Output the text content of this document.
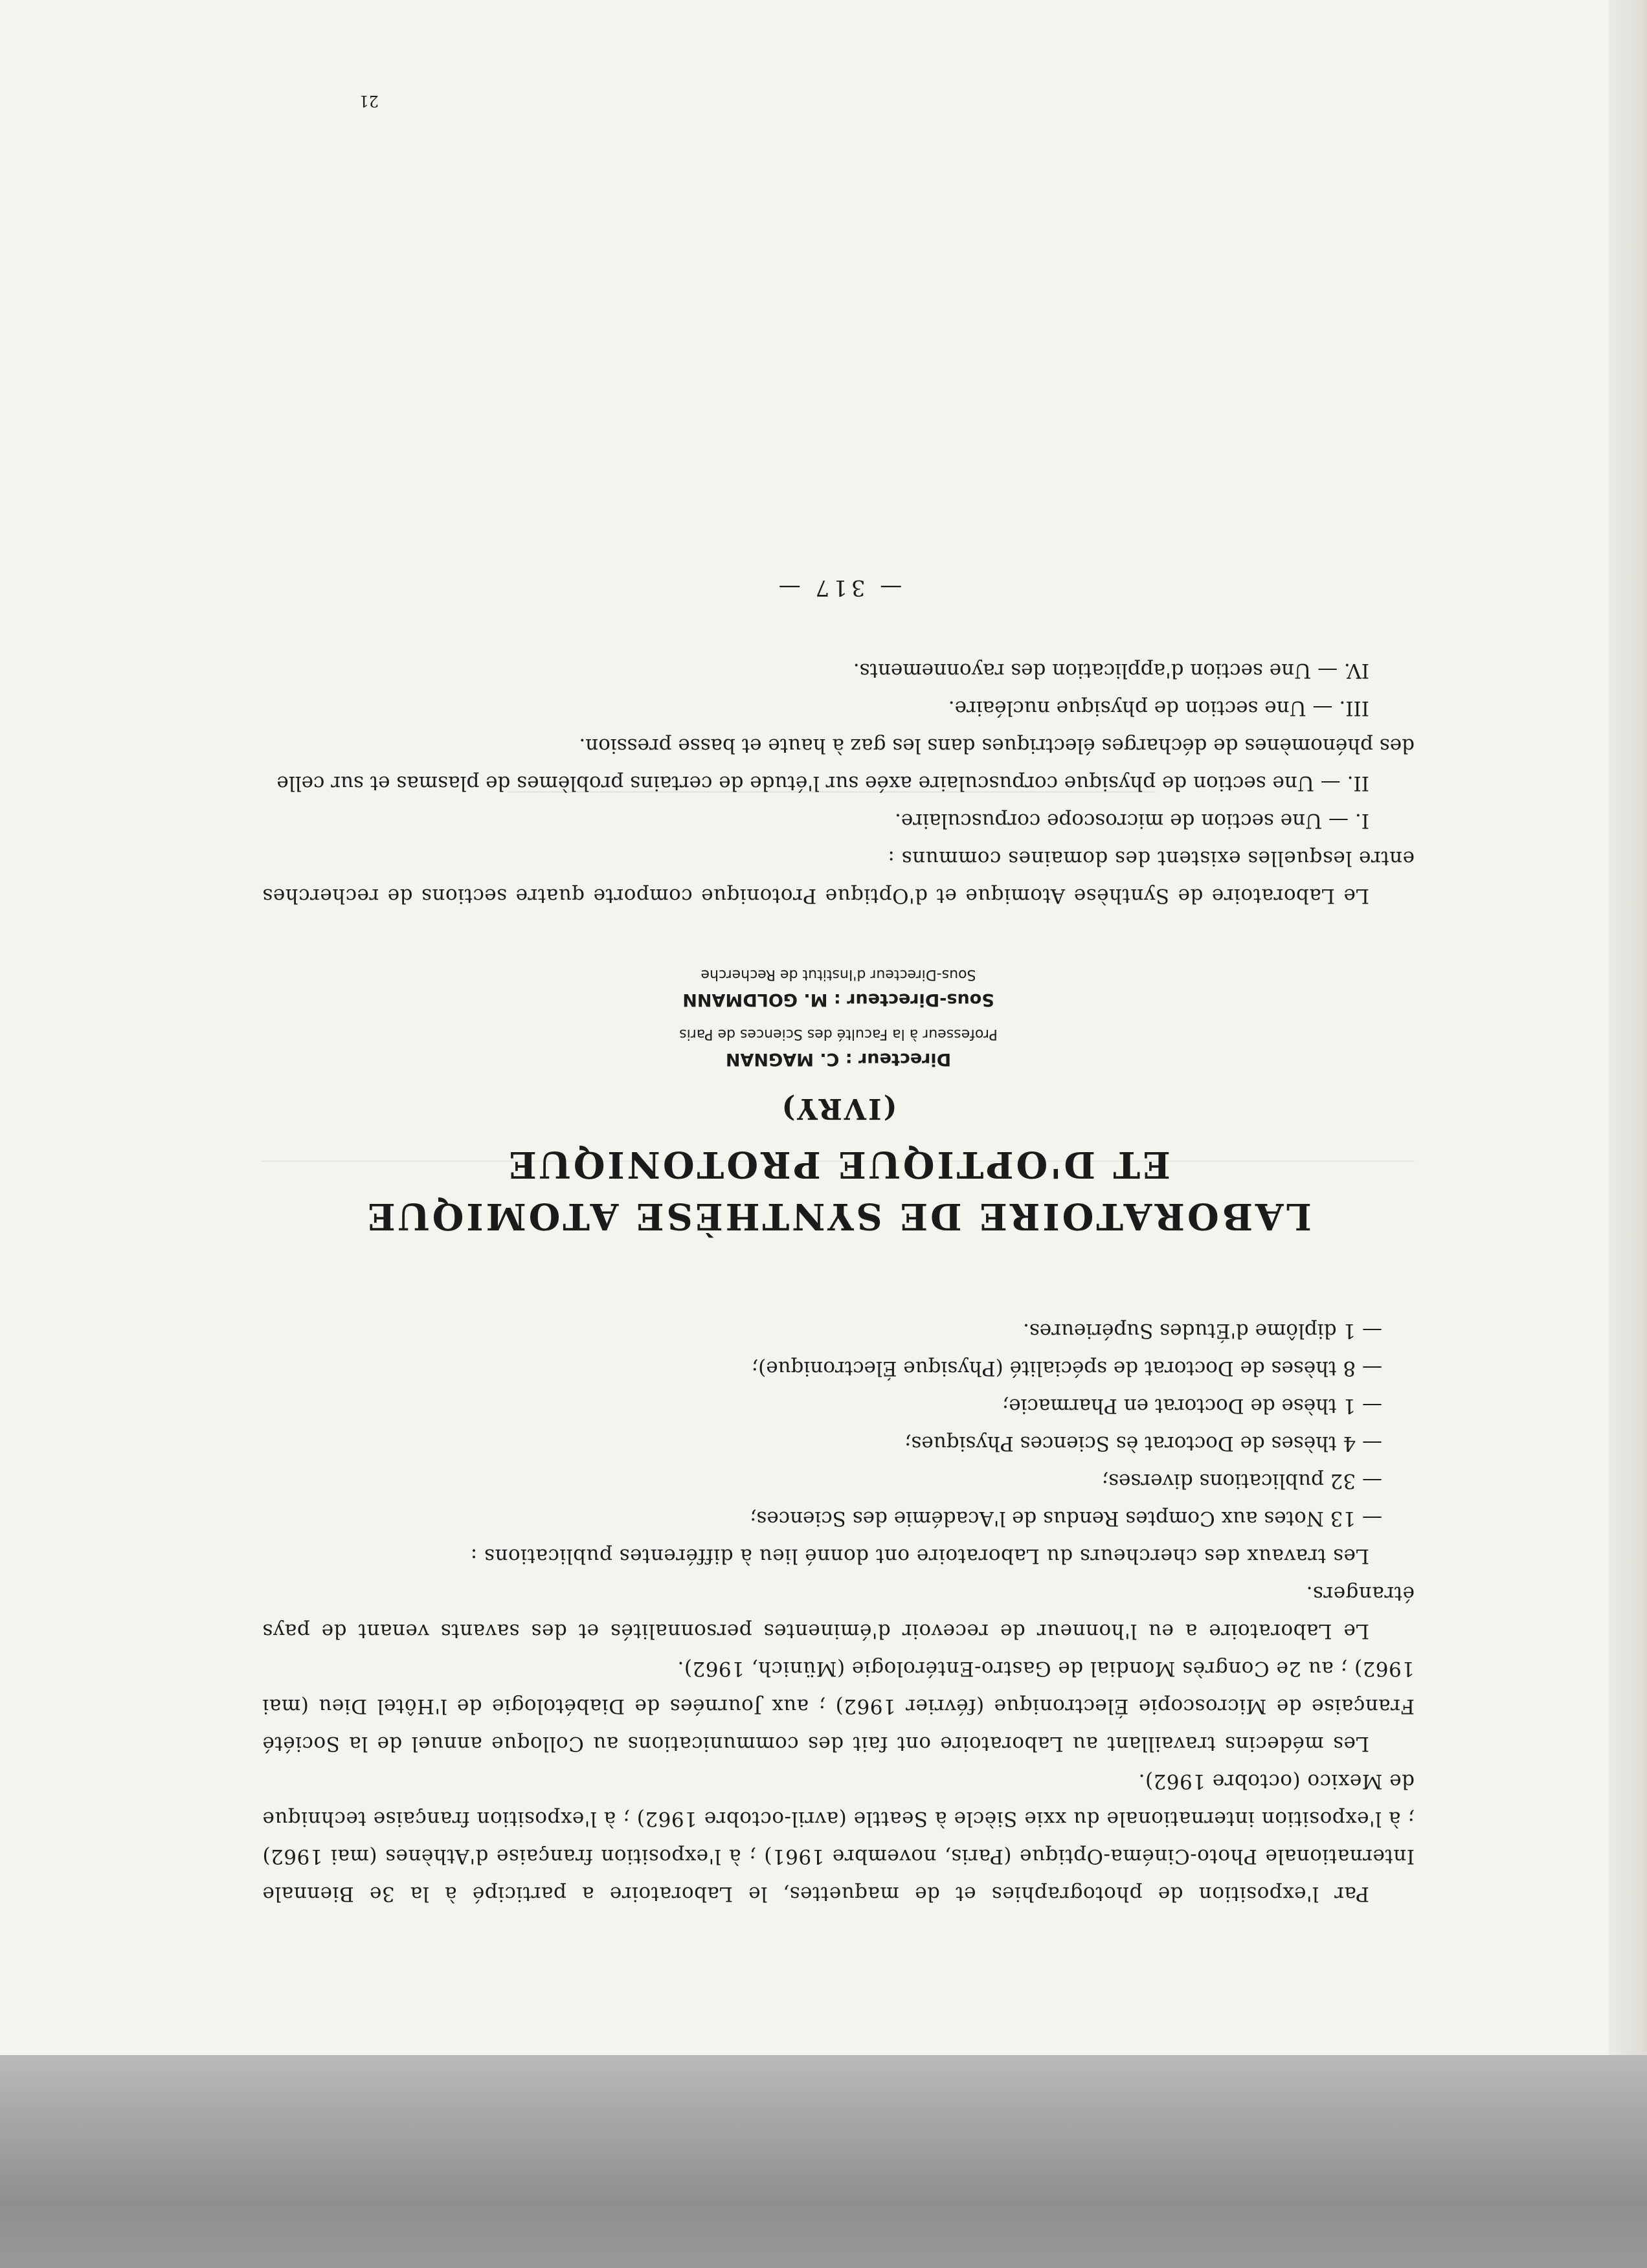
Par l'exposition de photographies et de maquettes, le Laboratoire a participé à la 3e Biennale Internationale Photo-Cinéma-Optique (Paris, novembre 1961) ; à l'exposition française d'Athènes (mai 1962) ; à l'exposition internationale du xxie Siècle à Seattle (avril-octobre 1962) ; à l'exposition française technique de Mexico (octobre 1962).

Les médecins travaillant au Laboratoire ont fait des communications au Colloque annuel de la Société Française de Microscopie Électronique (février 1962) ; aux Journées de Diabétologie de l'Hôtel Dieu (mai 1962) ; au 2e Congrès Mondial de Gastro-Entérologie (Münich, 1962).

Le Laboratoire a eu l'honneur de recevoir d'éminentes personnalités et des savants venant de pays étrangers.

Les travaux des chercheurs du Laboratoire ont donné lieu à différentes publications :

— 13 Notes aux Comptes Rendus de l'Académie des Sciences;
— 32 publications diverses;
— 4 thèses de Doctorat ès Sciences Physiques;
— 1 thèse de Doctorat en Pharmacie;
— 8 thèses de Doctorat de spécialité (Physique Électronique);
— 1 diplôme d'Études Supérieures.

LABORATOIRE DE SYNTHÈSE ATOMIQUE

ET D'OPTIQUE PROTONIQUE

(IVRY)

Directeur : C. MAGNAN

Professeur à la Faculté des Sciences de Paris

Sous-Directeur : M. GOLDMANN

Sous-Directeur d'Institut de Recherche

Le Laboratoire de Synthèse Atomique et d'Optique Protonique comporte quatre sections de recherches entre lesquelles existent des domaines communs :

I. — Une section de microscope corpusculaire.
II. — Une section de physique corpusculaire axée sur l'étude de certains problèmes de plasmas et sur celle des phénomènes de décharges électriques dans les gaz à haute et basse pression.
III. — Une section de physique nucléaire.
IV. — Une section d'application des rayonnements.

— 317 —

21
